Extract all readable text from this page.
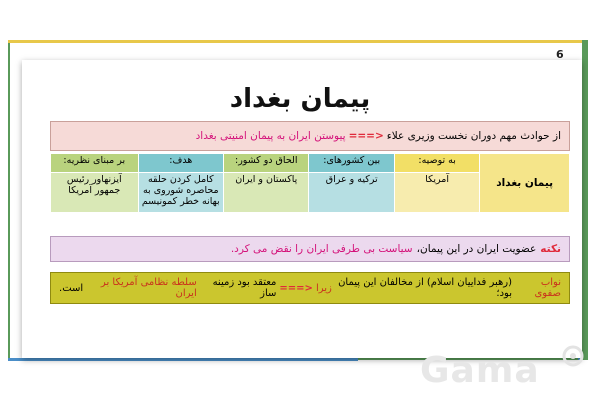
6
پیمان بغداد
از حوادث مهم دوران نخست وزیری علاء
<===
پیوستن ایران به پیمان امنیتی بغداد
پیمان بغداد	به توصیه:	بین کشورهای:	الحاق دو کشور:	هدف:	بر مبنای نظریه:
	آمریکا	ترکیه و عراق	پاکستان و ایران	کامل کردن حلقه محاصره شوروی به بهانه خطر کمونیسم	آیزنهاور رئیس جمهور آمریکا
نکته
عضویت ایران در این پیمان،
سیاست بی طرفی ایران را نقض می کرد.
نواب صفوی

(رهبر فداییان اسلام) از مخالفان این پیمان بود؛

زیرا
<===
معتقد بود زمینه ساز

سلطه نظامی آمریکا بر ایران

است.
Gama
